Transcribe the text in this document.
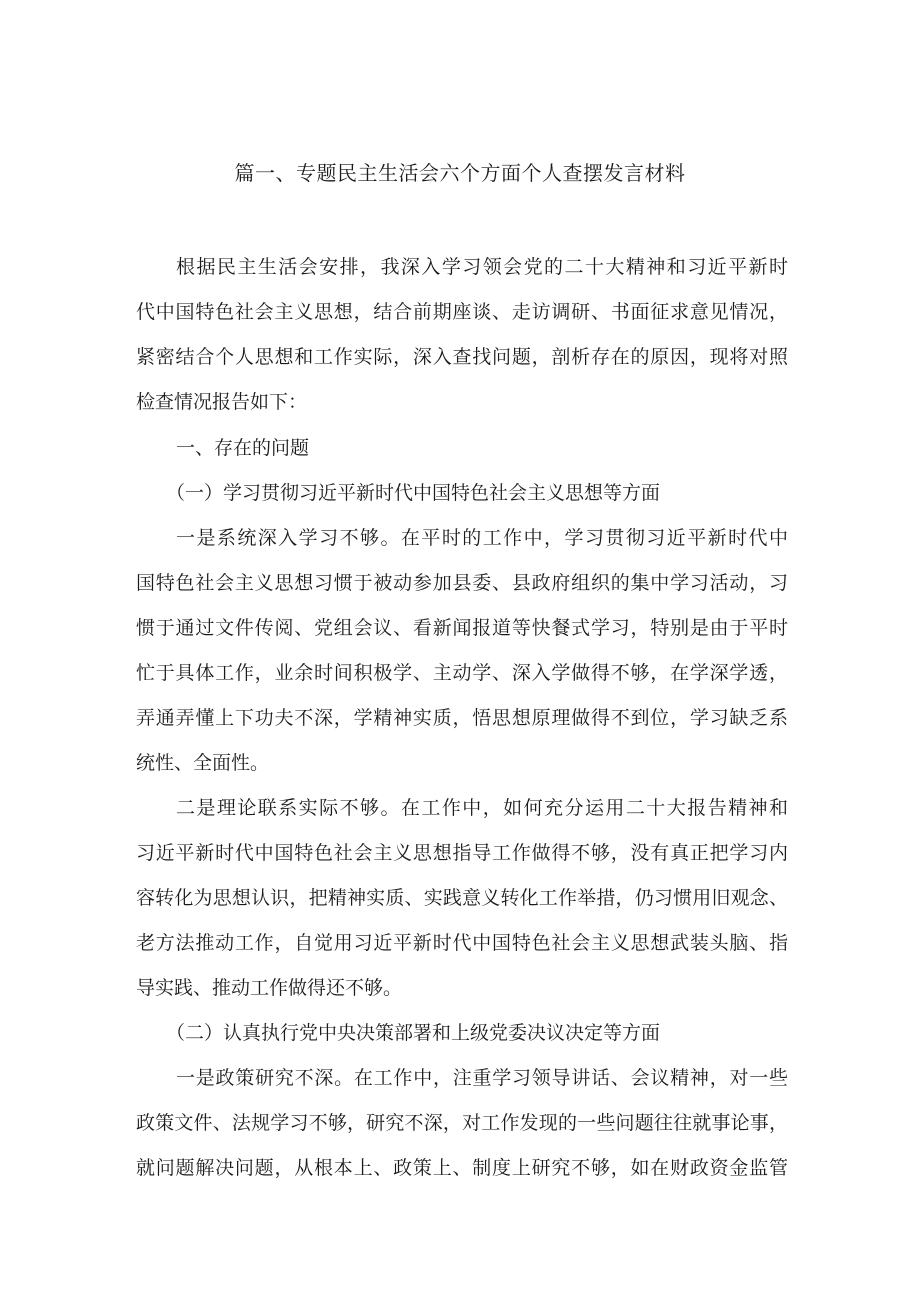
篇一、专题民主生活会六个方面个人查摆发言材料
根据民主生活会安排，我深入学习领会党的二十大精神和习近平新时
代中国特色社会主义思想，结合前期座谈、走访调研、书面征求意见情况，
紧密结合个人思想和工作实际，深入查找问题，剖析存在的原因，现将对照
检查情况报告如下：
一、存在的问题
（一）学习贯彻习近平新时代中国特色社会主义思想等方面
一是系统深入学习不够。在平时的工作中，学习贯彻习近平新时代中
国特色社会主义思想习惯于被动参加县委、县政府组织的集中学习活动，习
惯于通过文件传阅、党组会议、看新闻报道等快餐式学习，特别是由于平时
忙于具体工作，业余时间积极学、主动学、深入学做得不够，在学深学透，
弄通弄懂上下功夫不深，学精神实质，悟思想原理做得不到位，学习缺乏系
统性、全面性。
二是理论联系实际不够。在工作中，如何充分运用二十大报告精神和
习近平新时代中国特色社会主义思想指导工作做得不够，没有真正把学习内
容转化为思想认识，把精神实质、实践意义转化工作举措，仍习惯用旧观念、
老方法推动工作，自觉用习近平新时代中国特色社会主义思想武装头脑、指
导实践、推动工作做得还不够。
（二）认真执行党中央决策部署和上级党委决议决定等方面
一是政策研究不深。在工作中，注重学习领导讲话、会议精神，对一些
政策文件、法规学习不够，研究不深，对工作发现的一些问题往往就事论事，
就问题解决问题，从根本上、政策上、制度上研究不够，如在财政资金监管
